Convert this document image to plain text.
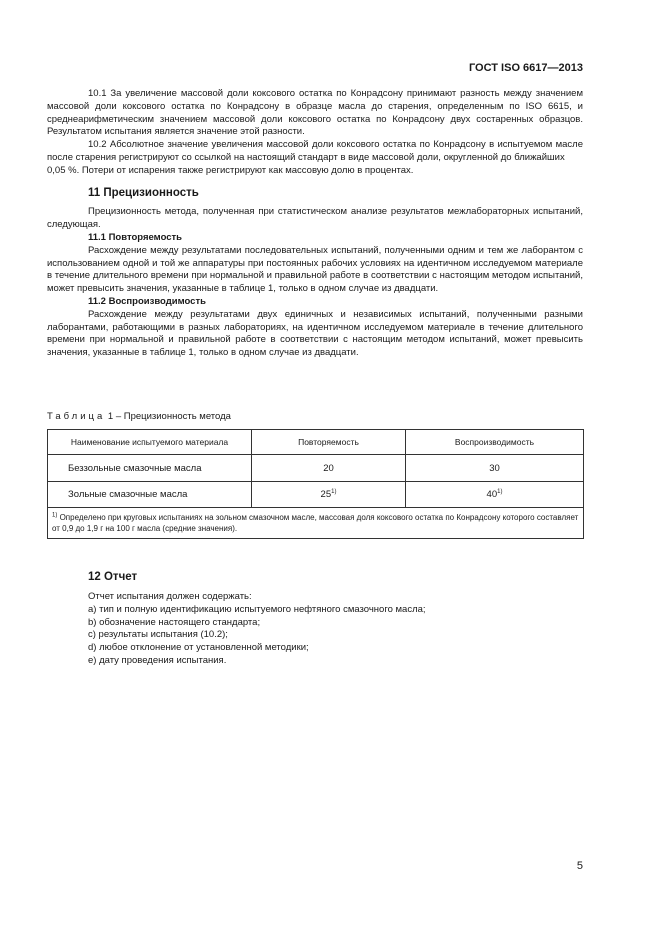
ГОСТ ISO 6617—2013

10.1 За увеличение массовой доли коксового остатка по Конрадсону принимают разность между значением массовой доли коксового остатка по Конрадсону в образце масла до старения, определенным по ISO 6615, и среднеарифметическим значением массовой доли коксового остатка по Конрадсону двух состаренных образцов. Результатом испытания является значение этой разности.

10.2 Абсолютное значение увеличения массовой доли коксового остатка по Конрадсону в испытуемом масле после старения регистрируют со ссылкой на настоящий стандарт в виде массовой доли, округленной до ближайших

0,05 %. Потери от испарения также регистрируют как массовую долю в процентах.

11 Прецизионность

Прецизионность метода, полученная при статистическом анализе результатов межлабораторных испытаний, следующая.

11.1 Повторяемость

Расхождение между результатами последовательных испытаний, полученными одним и тем же лаборантом с использованием одной и той же аппаратуры при постоянных рабочих условиях на идентичном исследуемом материале в течение длительного времени при нормальной и правильной работе в соответствии с настоящим методом испытаний, может превысить значения, указанные в таблице 1, только в одном случае из двадцати.

11.2 Воспроизводимость

Расхождение между результатами двух единичных и независимых испытаний, полученными разными лаборантами, работающими в разных лабораториях, на идентичном исследуемом материале в течение длительного времени при нормальной и правильной работе в соответствии с настоящим методом испытаний, может превысить значения, указанные в таблице 1, только в одном случае из двадцати.

Таблица 1 – Прецизионность метода
Наименование испытуемого материала	Повторяемость	Воспроизводимость
Беззольные смазочные масла	20	30
Зольные смазочные масла	25$^{1)}$	40$^{1)}$
$^{1)}$ Определено при круговых испытаниях на зольном смазочном масле, массовая доля коксового остатка по Конрадсону которого составляет от 0,9 до 1,9 г на 100 г масла (средние значения).		
12 Отчет

Отчет испытания должен содержать:

a) тип и полную идентификацию испытуемого нефтяного смазочного масла;

b) обозначение настоящего стандарта;

c) результаты испытания (10.2);

d) любое отклонение от установленной методики;

e) дату проведения испытания.

5
